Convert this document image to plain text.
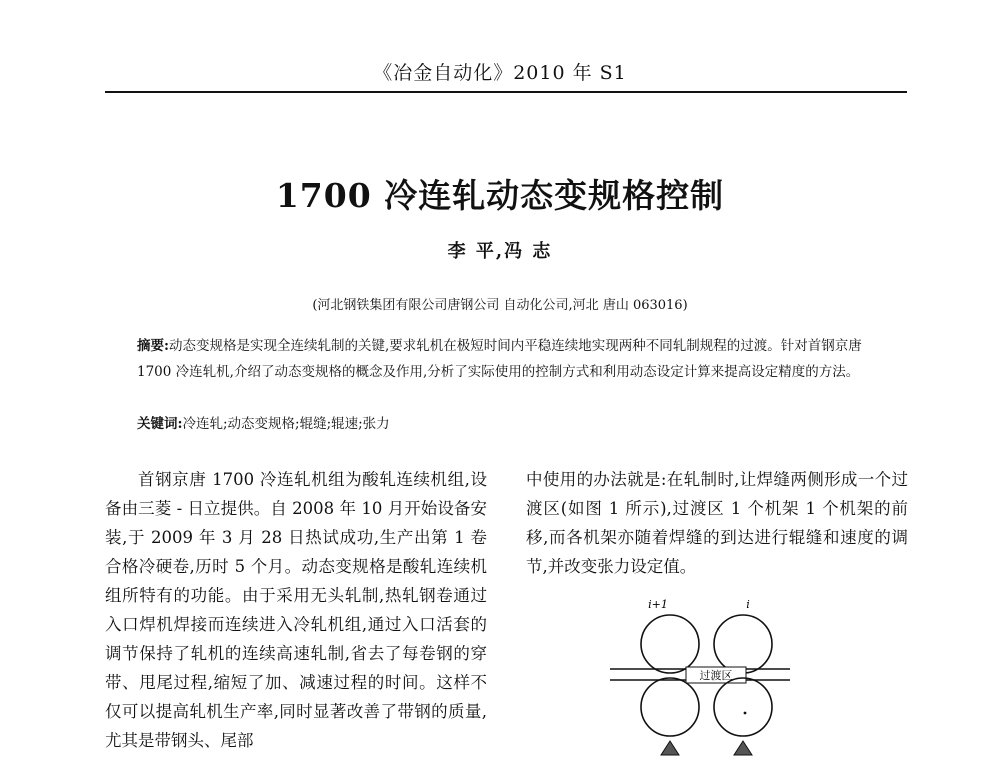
《冶金自动化》2010 年 S1
1700 冷连轧动态变规格控制
李 平,冯 志
(河北钢铁集团有限公司唐钢公司 自动化公司,河北 唐山 063016)

摘要:动态变规格是实现全连续轧制的关键,要求轧机在极短时间内平稳连续地实现两种不同轧制规程的过渡。针对首钢京唐 1700 冷连轧机,介绍了动态变规格的概念及作用,分析了实际使用的控制方式和利用动态设定计算来提高设定精度的方法。

关键词:冷连轧;动态变规格;辊缝;辊速;张力

首钢京唐 1700 冷连轧机组为酸轧连续机组,设备由三菱 - 日立提供。自 2008 年 10 月开始设备安装,于 2009 年 3 月 28 日热试成功,生产出第 1 卷合格冷硬卷,历时 5 个月。动态变规格是酸轧连续机组所特有的功能。由于采用无头轧制,热轧钢卷通过入口焊机焊接而连续进入冷轧机组,通过入口活套的调节保持了轧机的连续高速轧制,省去了每卷钢的穿带、甩尾过程,缩短了加、减速过程的时间。这样不仅可以提高轧机生产率,同时显著改善了带钢的质量,尤其是带钢头、尾部

中使用的办法就是:在轧制时,让焊缝两侧形成一个过渡区(如图 1 所示),过渡区 1 个机架 1 个机架的前移,而各机架亦随着焊缝的到达进行辊缝和速度的调节,并改变张力设定值。

i+1	i
过渡区
